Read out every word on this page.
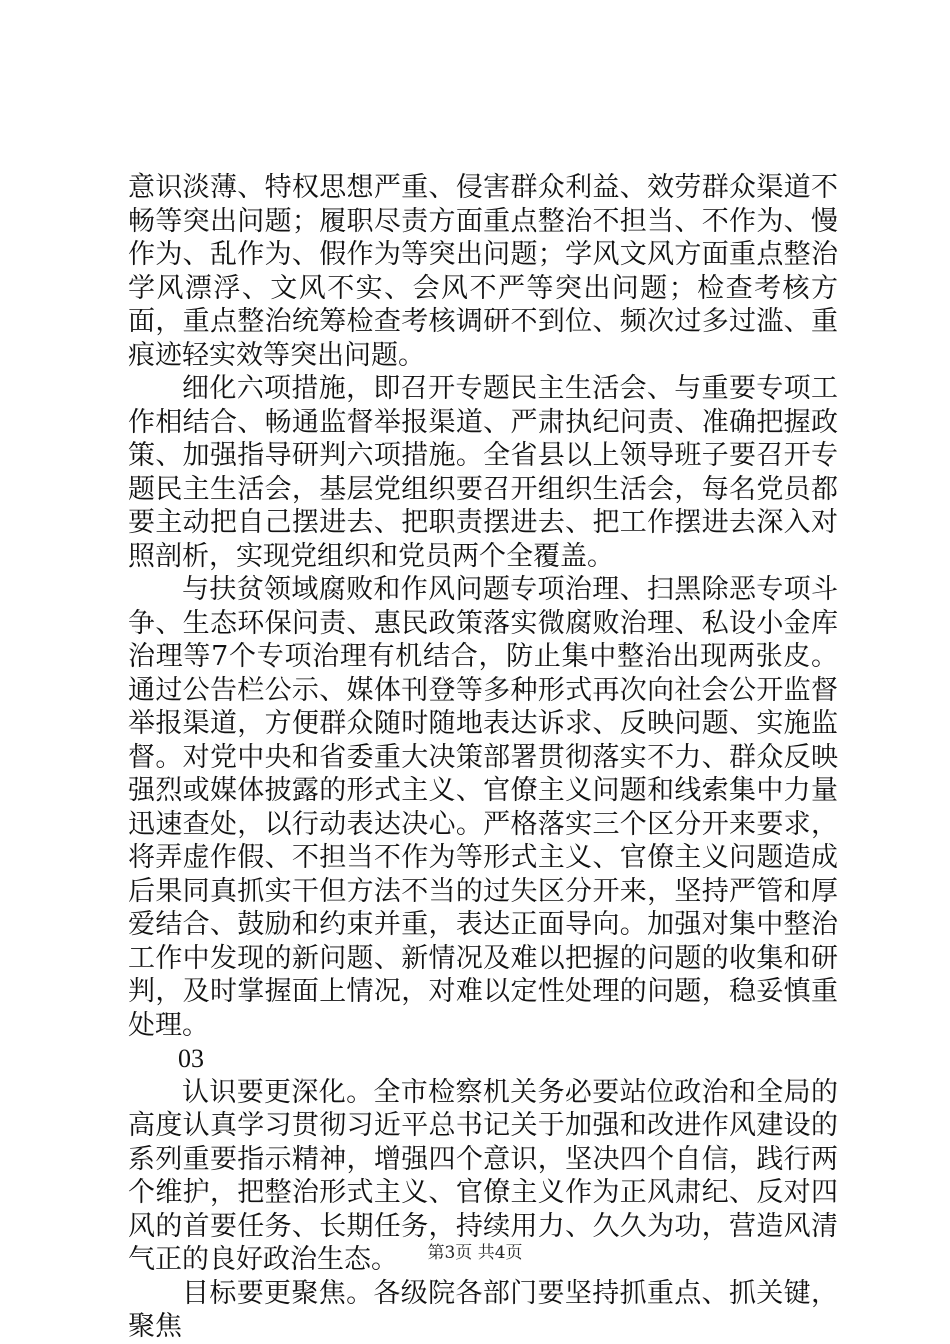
意识淡薄、特权思想严重、侵害群众利益、效劳群众渠道不畅等突出问题；履职尽责方面重点整治不担当、不作为、慢作为、乱作为、假作为等突出问题；学风文风方面重点整治学风漂浮、文风不实、会风不严等突出问题；检查考核方面，重点整治统筹检查考核调研不到位、频次过多过滥、重痕迹轻实效等突出问题。

细化六项措施，即召开专题民主生活会、与重要专项工作相结合、畅通监督举报渠道、严肃执纪问责、准确把握政策、加强指导研判六项措施。全省县以上领导班子要召开专题民主生活会，基层党组织要召开组织生活会，每名党员都要主动把自己摆进去、把职责摆进去、把工作摆进去深入对照剖析，实现党组织和党员两个全覆盖。

与扶贫领域腐败和作风问题专项治理、扫黑除恶专项斗争、生态环保问责、惠民政策落实微腐败治理、私设小金库治理等7个专项治理有机结合，防止集中整治出现两张皮。通过公告栏公示、媒体刊登等多种形式再次向社会公开监督举报渠道，方便群众随时随地表达诉求、反映问题、实施监督。对党中央和省委重大决策部署贯彻落实不力、群众反映强烈或媒体披露的形式主义、官僚主义问题和线索集中力量迅速查处，以行动表达决心。严格落实三个区分开来要求，将弄虚作假、不担当不作为等形式主义、官僚主义问题造成后果同真抓实干但方法不当的过失区分开来，坚持严管和厚爱结合、鼓励和约束并重，表达正面导向。加强对集中整治工作中发现的新问题、新情况及难以把握的问题的收集和研判，及时掌握面上情况，对难以定性处理的问题，稳妥慎重处理。

03

认识要更深化。全市检察机关务必要站位政治和全局的高度认真学习贯彻习近平总书记关于加强和改进作风建设的系列重要指示精神，增强四个意识，坚决四个自信，践行两个维护，把整治形式主义、官僚主义作为正风肃纪、反对四风的首要任务、长期任务，持续用力、久久为功，营造风清气正的良好政治生态。

目标要更聚焦。各级院各部门要坚持抓重点、抓关键，聚焦

第3页 共4页
